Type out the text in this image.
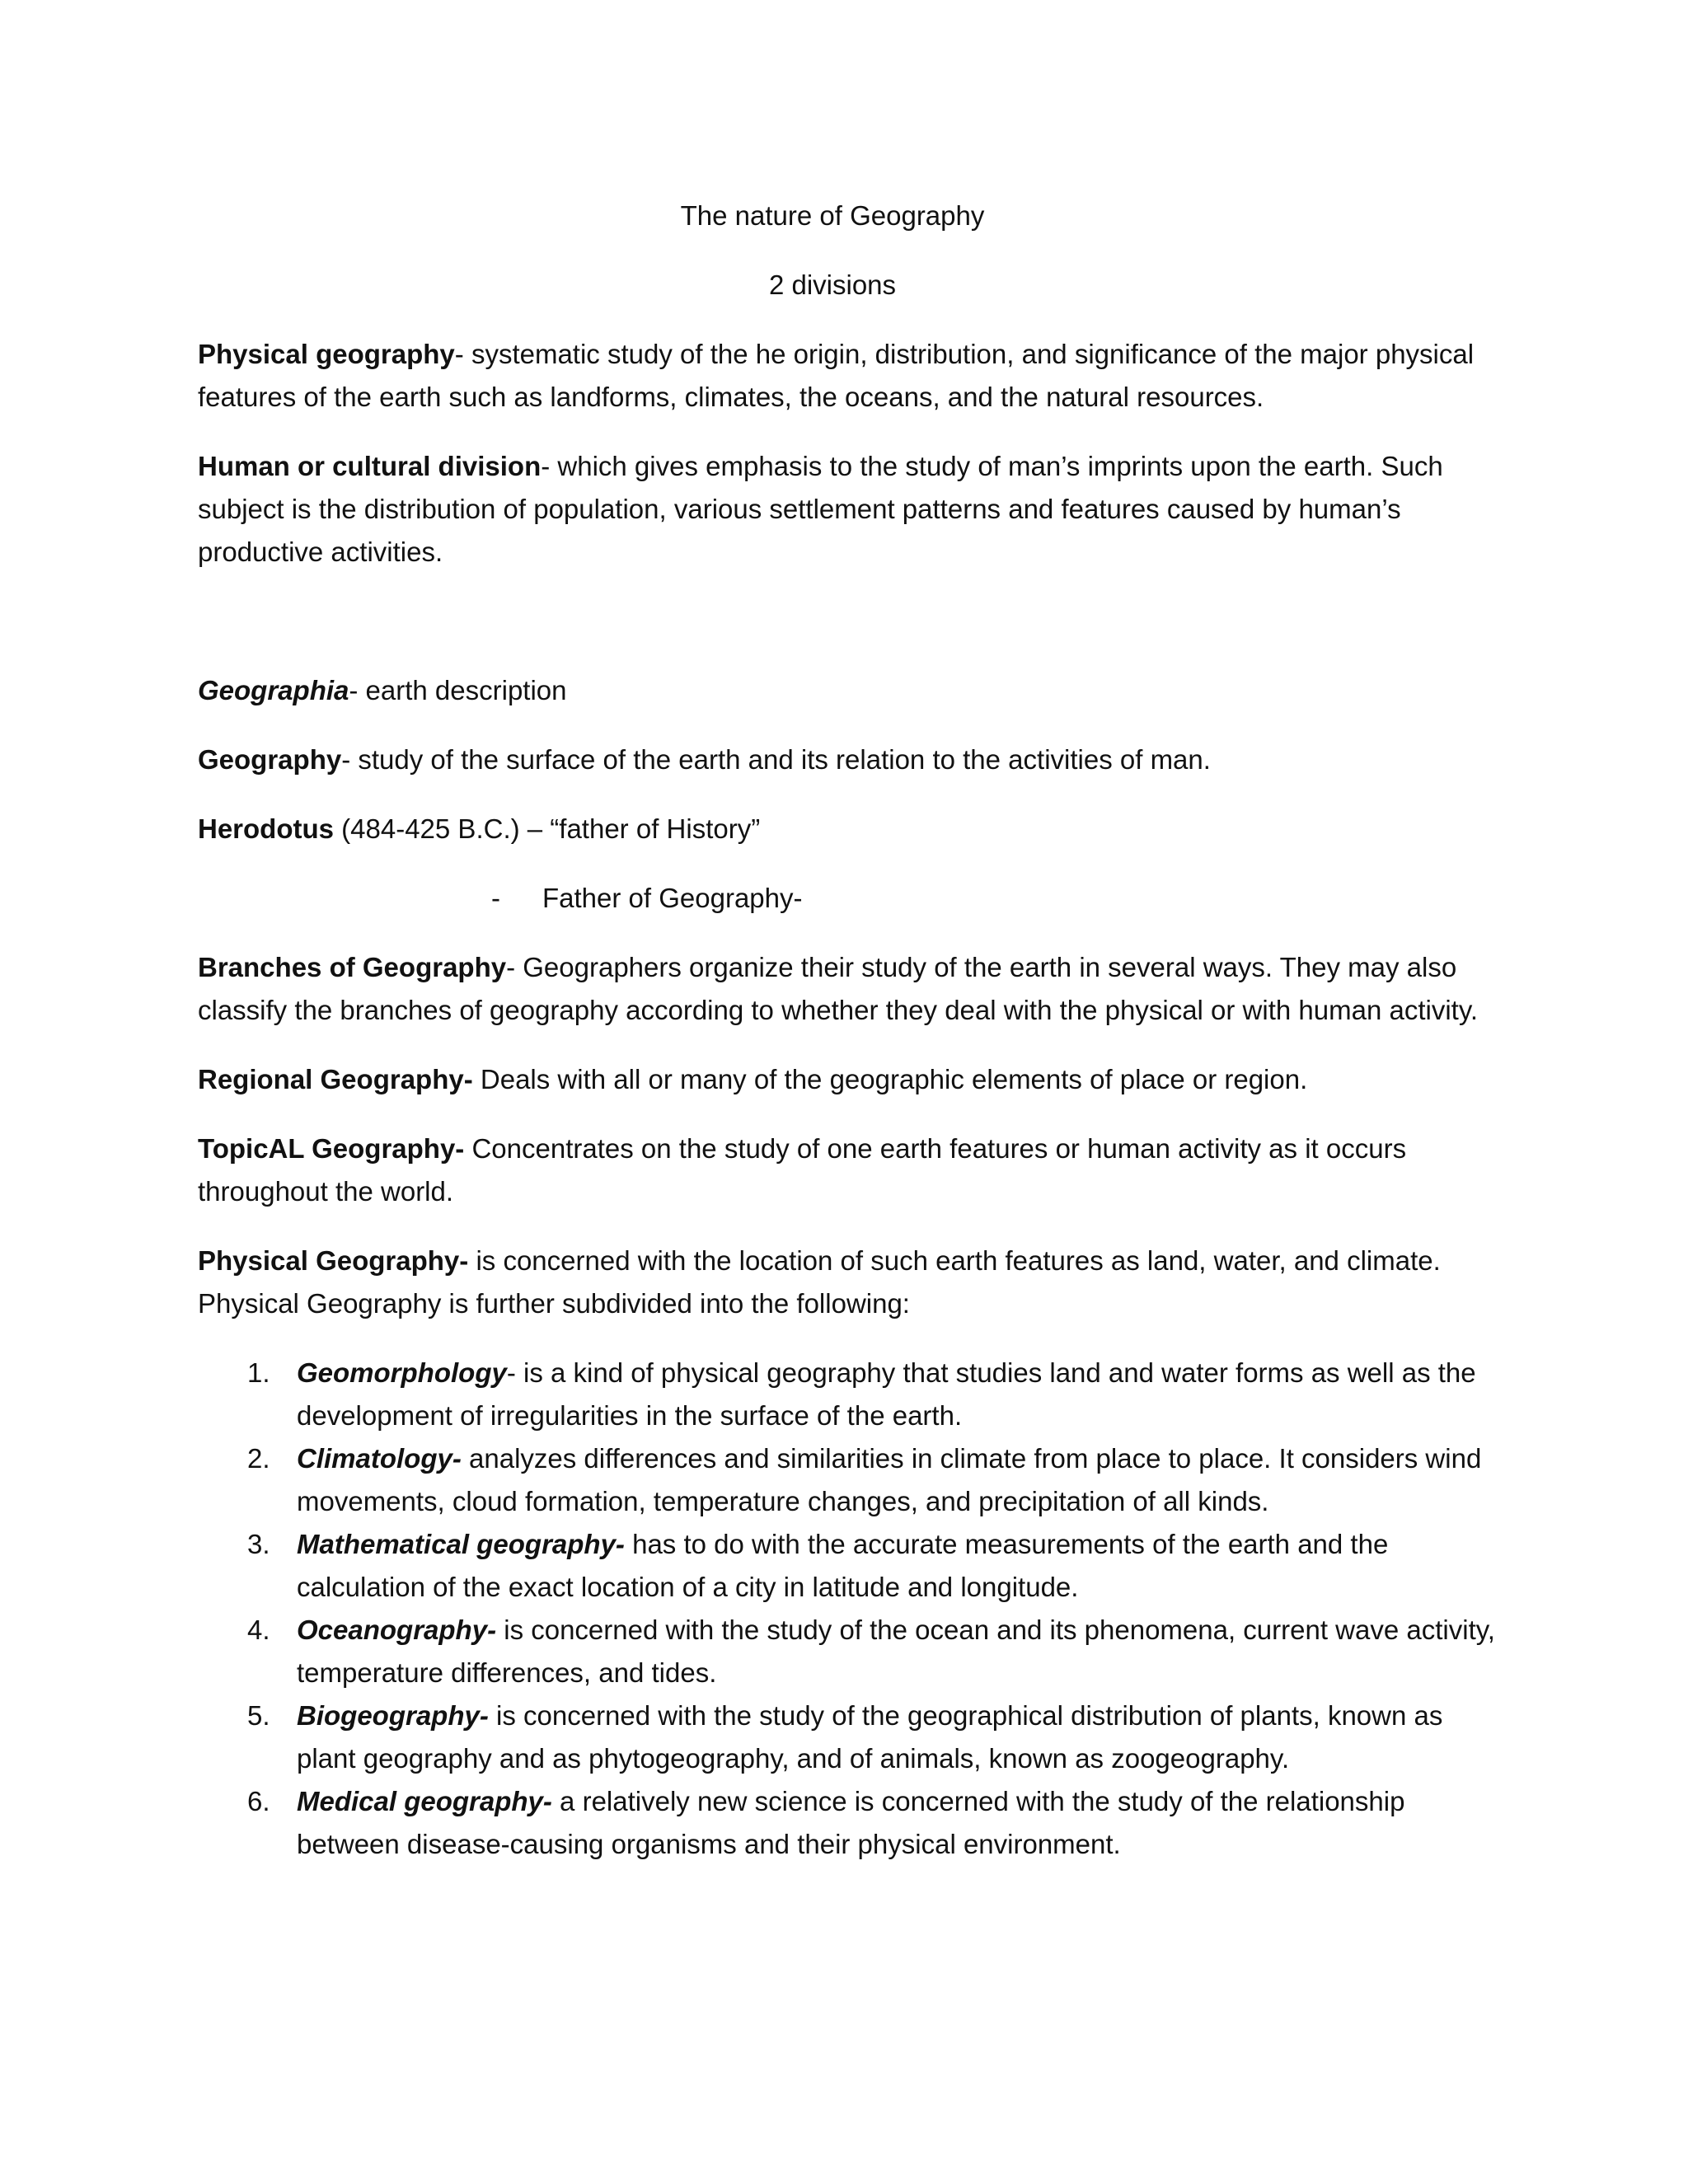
The nature of Geography
2 divisions

Physical geography- systematic study of the he origin, distribution, and significance of the major physical features of the earth such as landforms, climates, the oceans, and the natural resources.

Human or cultural division- which gives emphasis to the study of man’s imprints upon the earth. Such subject is the distribution of population, various settlement patterns and features caused by human’s productive activities.

Geographia- earth description

Geography- study of the surface of the earth and its relation to the activities of man.

Herodotus (484-425 B.C.) – “father of History”

- Father of Geography-

Branches of Geography- Geographers organize their study of the earth in several ways. They may also classify the branches of geography according to whether they deal with the physical or with human activity.

Regional Geography- Deals with all or many of the geographic elements of place or region.

TopicAL Geography- Concentrates on the study of one earth features or human activity as it occurs throughout the world.

Physical Geography- is concerned with the location of such earth features as land, water, and climate. Physical Geography is further subdivided into the following:

1. Geomorphology- is a kind of physical geography that studies land and water forms as well as the development of irregularities in the surface of the earth.
2. Climatology- analyzes differences and similarities in climate from place to place. It considers wind movements, cloud formation, temperature changes, and precipitation of all kinds.
3. Mathematical geography- has to do with the accurate measurements of the earth and the calculation of the exact location of a city in latitude and longitude.
4. Oceanography- is concerned with the study of the ocean and its phenomena, current wave activity, temperature differences, and tides.
5. Biogeography- is concerned with the study of the geographical distribution of plants, known as plant geography and as phytogeography, and of animals, known as zoogeography.
6. Medical geography- a relatively new science is concerned with the study of the relationship between disease-causing organisms and their physical environment.
